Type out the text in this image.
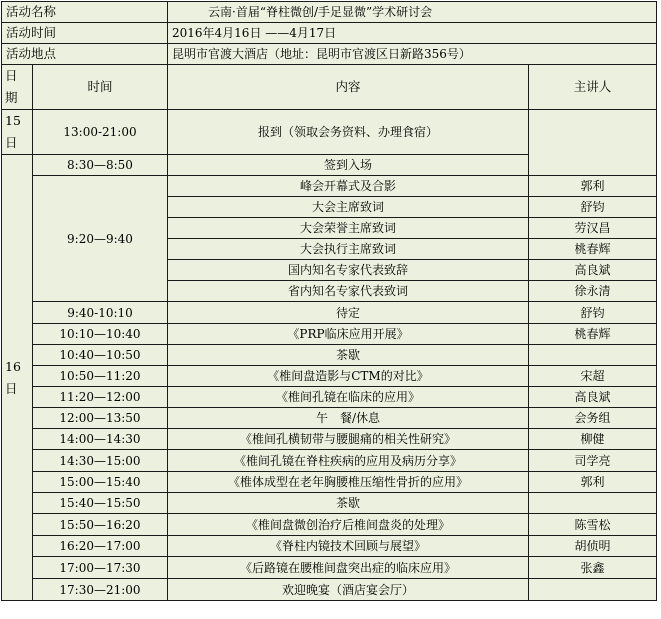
活动名称		云南·首届“脊柱微创/手足显微”学术研讨会	
活动时间		2016年4月16日 ——4月17日	
活动地点		昆明市官渡大酒店（地址：昆明市官渡区日新路356号）	
日
期	时间	内容	主讲人
15
日	13:00-21:00	报到（领取会务资料、办理食宿）	
16
日	8:30—8:50	签到入场	
	9:20—9:40	峰会开幕式及合影	郭利
		大会主席致词	舒钧
		大会荣誉主席致词	劳汉昌
		大会执行主席致词	桃春辉
		国内知名专家代表致辞	高良斌
		省内知名专家代表致词	徐永清
	9:40-10:10	待定	舒钧
	10:10—10:40	《PRP临床应用开展》	桃春辉
	10:40—10:50	茶歇	
	10:50—11:20	《椎间盘造影与CTM的对比》	宋超
	11:20—12:00	《椎间孔镜在临床的应用》	高良斌
	12:00—13:50	午　餐/休息	会务组
	14:00—14:30	《椎间孔横韧带与腰腿痛的相关性研究》	柳健
	14:30—15:00	《椎间孔镜在脊柱疾病的应用及病历分享》	司学亮
	15:00—15:40	《椎体成型在老年胸腰椎压缩性骨折的应用》	郭利
	15:40—15:50	茶歇	
	15:50—16:20	《椎间盘微创治疗后椎间盘炎的处理》	陈雪松
	16:20—17:00	《脊柱内镜技术回顾与展望》	胡侦明
	17:00—17:30	《后路镜在腰椎间盘突出症的临床应用》	张鑫
	17:30—21:00	欢迎晚宴（酒店宴会厅）	
